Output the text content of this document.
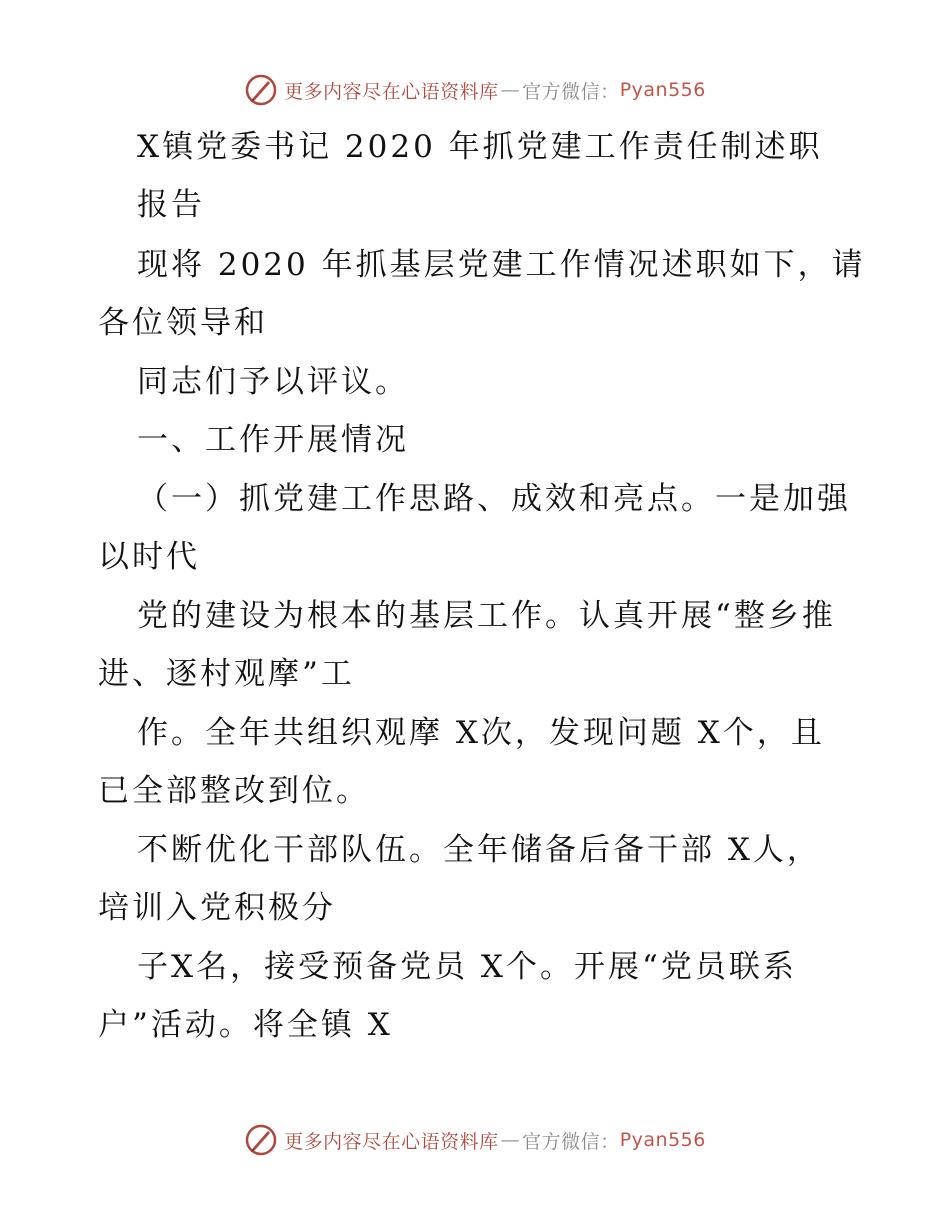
更多内容尽在心语资料库 — 官方微信： Pyan556
X镇党委书记 2020 年抓党建工作责任制述职
报告
现将 2020 年抓基层党建工作情况述职如下，请
各位领导和
同志们予以评议。
一、工作开展情况
（一）抓党建工作思路、成效和亮点。一是加强
以时代
党的建设为根本的基层工作。认真开展“整乡推
进、逐村观摩”工
作。全年共组织观摩 X次，发现问题 X个，且
已全部整改到位。
不断优化干部队伍。全年储备后备干部 X人，
培训入党积极分
子X名，接受预备党员 X个。开展“党员联系
户”活动。将全镇 X
更多内容尽在心语资料库 — 官方微信： Pyan556
